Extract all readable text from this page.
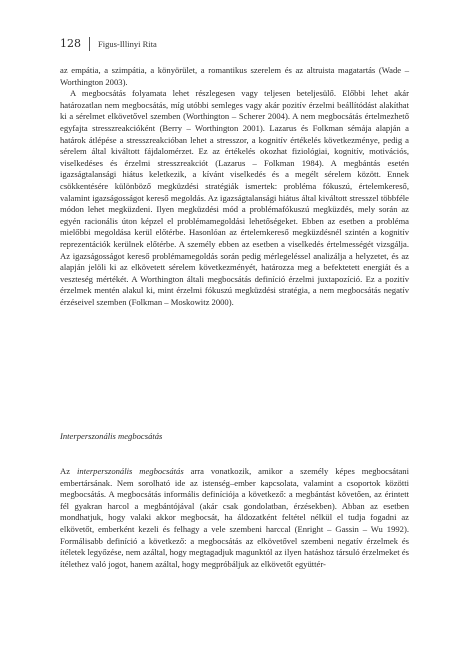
128	Figus-Illinyi Rita

az empátia, a szimpátia, a könyörület, a romantikus szerelem és az altruista magatartás (Wade – Worthington 2003).

A megbocsátás folyamata lehet részlegesen vagy teljesen beteljesülő. Előbbi lehet akár határozatlan nem megbocsátás, míg utóbbi semleges vagy akár pozitív érzelmi beállítódást alakíthat ki a sérelmet elkövetővel szemben (Worthington – Scherer 2004). A nem megbocsátás értelmezhető egyfajta stresszreakcióként (Berry – Worthington 2001). Lazarus és Folkman sémája alapján a határok átlépése a stresszreakcióban lehet a stresszor, a kognitív értékelés következménye, pedig a sérelem által kiváltott fájdalomérzet. Ez az értékelés okozhat fiziológiai, kognitív, motivációs, viselkedéses és érzelmi stresszreakciót (Lazarus – Folkman 1984). A megbántás esetén igazságtalansági hiátus keletkezik, a kívánt viselkedés és a megélt sérelem között. Ennek csökkentésére különböző megküzdési stratégiák ismertek: probléma fókuszú, értelemkereső, valamint igazságosságot kereső megoldás. Az igazságtalansági hiátus által kiváltott stresszel többféle módon lehet megküzdeni. Ilyen megküzdési mód a problémafókuszú megküzdés, mely során az egyén racionális úton képzel el problémamegoldási lehetőségeket. Ebben az esetben a probléma mielőbbi megoldása kerül előtérbe. Hasonlóan az értelemkereső megküzdésnél szintén a kognitív reprezentációk kerülnek előtérbe. A személy ebben az esetben a viselkedés értelmességét vizsgálja. Az igazságosságot kereső problémamegoldás során pedig mérlegeléssel analizálja a helyzetet, és az alapján jelöli ki az elkövetett sérelem következményét, határozza meg a befektetett energiát és a veszteség mértékét. A Worthington általi megbocsátás definíció érzelmi juxtapozíció. Ez a pozitív érzelmek mentén alakul ki, mint érzelmi fókuszú megküzdési stratégia, a nem megbocsátás negatív érzéseivel szemben (Folkman – Moskowitz 2000).

Interperszonális megbocsátás

Az interperszonális megbocsátás arra vonatkozik, amikor a személy képes megbocsátani embertársának. Nem sorolható ide az istenség–ember kapcsolata, valamint a csoportok közötti megbocsátás. A megbocsátás informális definíciója a következő: a megbántást követően, az érintett fél gyakran harcol a megbántójával (akár csak gondolatban, érzésekben). Abban az esetben mondhatjuk, hogy valaki akkor megbocsát, ha áldozatként feltétel nélkül el tudja fogadni az elkövetőt, emberként kezeli és felhagy a vele szembeni harccal (Enright – Gassin – Wu 1992). Formálisabb definíció a következő: a megbocsátás az elkövetővel szembeni negatív érzelmek és ítéletek legyőzése, nem azáltal, hogy megtagadjuk magunktól az ilyen hatáshoz társuló érzelmeket és ítélethez való jogot, hanem azáltal, hogy megpróbáljuk az elkövetőt együttér-
